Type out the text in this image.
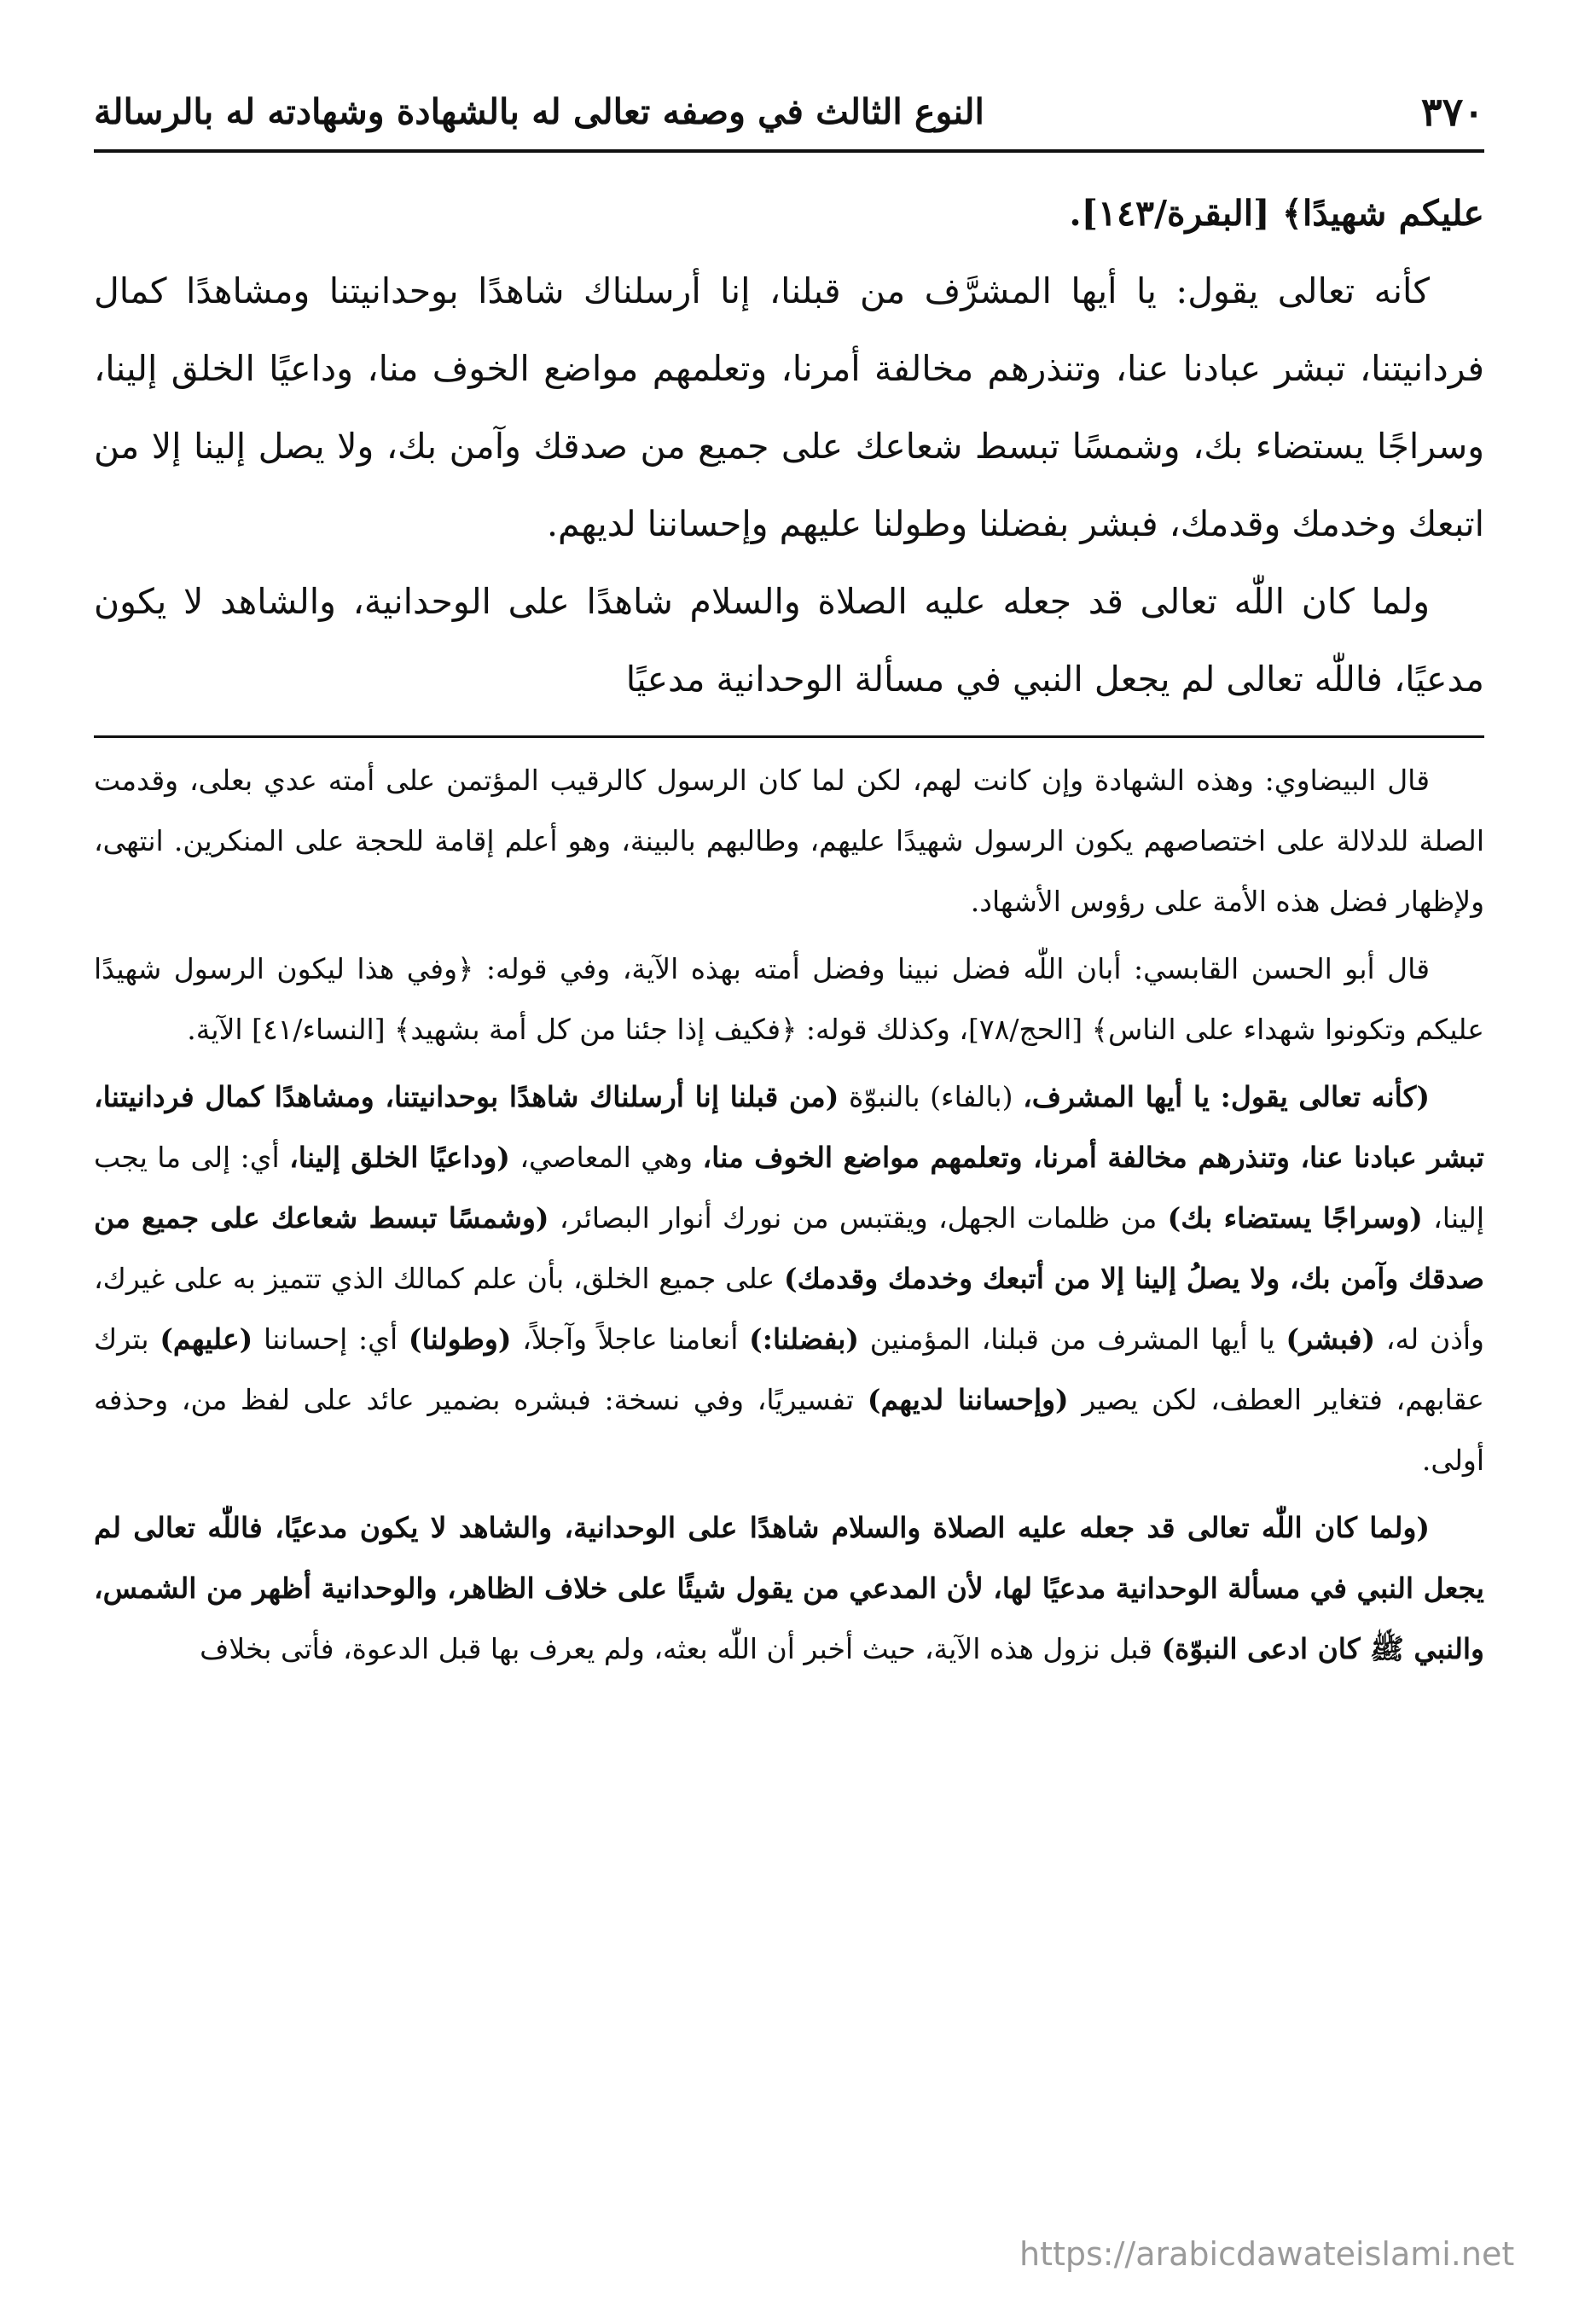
٣٧٠
النوع الثالث في وصفه تعالى له بالشهادة وشهادته له بالرسالة

عليكم شهيدًا﴾ [البقرة/١٤٣].

كأنه تعالى يقول: يا أيها المشرَّف من قبلنا، إنا أرسلناك شاهدًا بوحدانيتنا ومشاهدًا كمال فردانيتنا، تبشر عبادنا عنا، وتنذرهم مخالفة أمرنا، وتعلمهم مواضع الخوف منا، وداعيًا الخلق إلينا، وسراجًا يستضاء بك، وشمسًا تبسط شعاعك على جميع من صدقك وآمن بك، ولا يصل إلينا إلا من اتبعك وخدمك وقدمك، فبشر بفضلنا وطولنا عليهم وإحساننا لديهم.

ولما كان اللّٰه تعالى قد جعله عليه الصلاة والسلام شاهدًا على الوحدانية، والشاهد لا يكون مدعيًا، فاللّٰه تعالى لم يجعل النبي في مسألة الوحدانية مدعيًا

قال البيضاوي: وهذه الشهادة وإن كانت لهم، لكن لما كان الرسول كالرقيب المؤتمن على أمته عدي بعلى، وقدمت الصلة للدلالة على اختصاصهم يكون الرسول شهيدًا عليهم، وطالبهم بالبينة، وهو أعلم إقامة للحجة على المنكرين. انتهى، ولإظهار فضل هذه الأمة على رؤوس الأشهاد.

قال أبو الحسن القابسي: أبان اللّٰه فضل نبينا وفضل أمته بهذه الآية، وفي قوله: ﴿وفي هذا ليكون الرسول شهيدًا عليكم وتكونوا شهداء على الناس﴾ [الحج/٧٨]، وكذلك قوله: ﴿فكيف إذا جئنا من كل أمة بشهيد﴾ [النساء/٤١] الآية.

(كأنه تعالى يقول: يا أيها المشرف، (بالفاء) بالنبوّة (من قبلنا إنا أرسلناك شاهدًا بوحدانيتنا، ومشاهدًا كمال فردانيتنا، تبشر عبادنا عنا، وتنذرهم مخالفة أمرنا، وتعلمهم مواضع الخوف منا، وهي المعاصي، (وداعيًا الخلق إلينا، أي: إلى ما يجب إلينا، (وسراجًا يستضاء بك) من ظلمات الجهل، ويقتبس من نورك أنوار البصائر، (وشمسًا تبسط شعاعك على جميع من صدقك وآمن بك، ولا يصلُ إلينا إلا من أتبعك وخدمك وقدمك) على جميع الخلق، بأن علم كمالك الذي تتميز به على غيرك، وأذن له، (فبشر) يا أيها المشرف من قبلنا، المؤمنين (بفضلنا:) أنعامنا عاجلاً وآجلاً، (وطولنا) أي: إحساننا (عليهم) بترك عقابهم، فتغاير العطف، لكن يصير (وإحساننا لديهم) تفسيريًا، وفي نسخة: فبشره بضمير عائد على لفظ من، وحذفه أولى.

(ولما كان اللّٰه تعالى قد جعله عليه الصلاة والسلام شاهدًا على الوحدانية، والشاهد لا يكون مدعيًا، فاللّٰه تعالى لم يجعل النبي في مسألة الوحدانية مدعيًا لها، لأن المدعي من يقول شيئًا على خلاف الظاهر، والوحدانية أظهر من الشمس، والنبي ﷺ كان ادعى النبوّة) قبل نزول هذه الآية، حيث أخبر أن اللّٰه بعثه، ولم يعرف بها قبل الدعوة، فأتى بخلاف

https://arabicdawateislami.net
